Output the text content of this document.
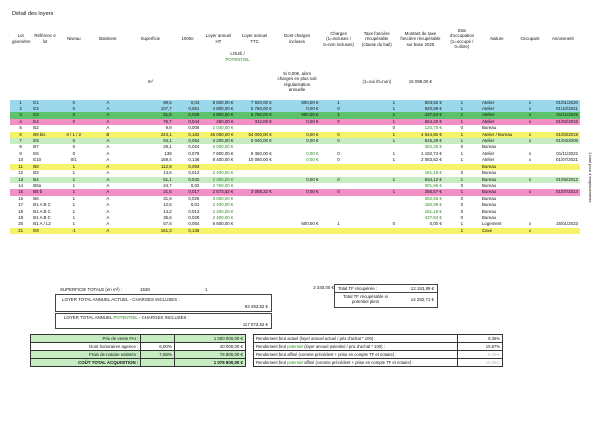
Détail des loyers
Lot géomètre	Référenc e lot	Niveau	Batiment	Superficie	1000e	Loyer annuel HT	Loyer annuel TTC	Dont charges incluses	Charges (1=incluses / 0=non incluses)	Taxe foncière récupérable (clause du bail)	Montant de taxe foncière récupérable sur base 2025	Etat d'occupation (1=occupé / 0=libre)	Nature	Occupant	Ancienneté
						LOUÉ /
POTENTIEL									
				m²				Si 0,00€, alors charges en plus soit régularisation annuelle		(1=oui /0=non)	15 098,00 €				
1	E1	0	A	89,5	0,04	8 600,00 €	7 920,00 €	800,00 €	1	1	803,92 €	1	Atelier	x	01/01/2020
2	E2	0	A	107,7	0,061	4 800,00 €	5 760,00 €	0,00 €	0	1	920,98 €	1	Atelier	x	01/10/2021
3	E3	0	A	51,8	0,029	4 800,00 €	5 760,00 €	960,00 €	1	1	437,84 €	1	Atelier	x	01/11/2025
4	E4	0	A	76,7	0,044	260,00 €	312,00 €	0,00 €	0	1	664,20 €	1	Atelier	x	01/02/2016
5	B2		A	9,9	0,006	2 040,00 €				0	120,76 €	0	Bureau		
6	B9 bis	0 / 1 / 2	B	243,1	0,182	45 000,00 €	54 000,00 €	0,00 €	0	1	4 544,50 €	1	Atelier / Bureau	x	01/03/2019
7	E5	0	A	94,1	0,054	4 200,00 €	5 040,00 €	0,00 €	0	1	815,29 €	1	Atelier	x	01/04/2006
8	B7	0	A	29,1	0,024	3 000,00 €					362,35 €	0	Bureau		
9	E6	0	A	139	0,079	7 800,00 €	9 360,00 €	0,00 €	0	1	1 192,74 €	1	Atelier	x	01/11/2022
10	E10	0/1	A	169,4	0,138	8 400,00 €	10 080,00 €	0,00 €	0	1	2 083,52 €	1	Atelier	x	01/07/2021
11	B8	1	A	112,8	0,093								Bureau		
12	B3	1	A	14,6	0,012	2 400,00 €					181,18 €	0	Bureau		
13	B4	1	A	51,1	0,042	2 400,00 €		0,00 €	0	1	634,12 €	1	Bureau	x	01/05/2012
14	B5a	1	A	24,7	0,02	2 760,00 €					301,96 €	0	Bureau		
15	B5 b	1	A	21,5	0,017	2 573,52 €	3 088,22 €	0,00 €	0	1	256,67 €	1	Bureau	x	01/07/2014
16	B6	1	A	31,9	0,026	3 000,00 €					392,55 €	0	Bureau		
17	B1 A B C	1	A	12,5	0,01	2 400,00 €					150,98 €	0	Bureau		
18	B1 A B C	1	A	14,2	0,012	2 400,00 €					181,18 €	0	Bureau		
19	B1 A B C	1	A	35,6	0,029	2 400,00 €					437,84 €	0	Bureau		
20	B1 A / L2	1	A	57,6	0,054	6 600,00 €		600,00 €	1	0	0,00 €	1	Logement	x	15/01/2023
21	E8	-1	A	161,3	0,136							1	Cave	x	
1 total pour 4 emplacements
SUPERFICIE TOTALE (en m²) :	1538	1	2 340,00 € Total TF récupérée :	12 153,89 €
Total TF récupérable si potentiel plein	14 282,71 €
LOYER TOTAL ANNUEL ACTUEL - CHARGES INCLUSES :
93 493,52 €
LOYER TOTAL ANNUEL POTENTIEL - CHARGES INCLUSES :
117 073,52 €
Prix de vente FAI :		1 000 000,00 €
Dont honoraires agence :	6,00%	40 000,00 €
Frais de notaire estimés :	7,68%	76 800,00 €
COÛT TOTAL ACQUISITION :		1 076 800,00 €
Rendement brut actuel (loyer annuel actuel / prix d'achat * 100) :	9,35%
Rendement brut potentiel (loyer annuel potentiel / prix d'achat * 100) :	10,87%
Rendement brut affiné (comme précédent + prise en compte TF et notaire) :	8,45%
Rendement brut potentiel affiné (comme précédent + prise en compte TF et notaire) :	10,05%
